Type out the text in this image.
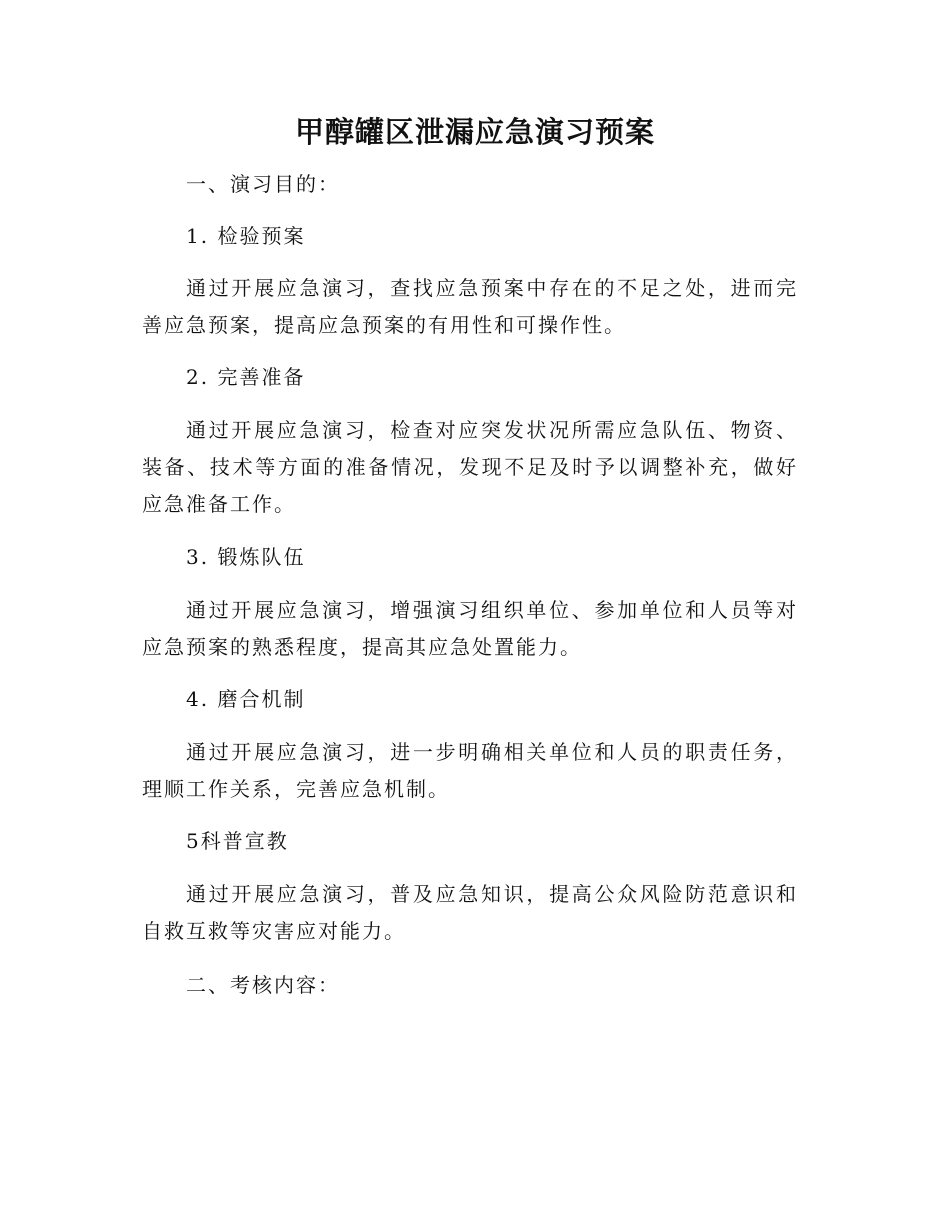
甲醇罐区泄漏应急演习预案
一、演习目的：
1. 检验预案
通过开展应急演习，查找应急预案中存在的不足之处，进而完善应急预案，提高应急预案的有用性和可操作性。
2. 完善准备
通过开展应急演习，检查对应突发状况所需应急队伍、物资、装备、技术等方面的准备情况，发现不足及时予以调整补充，做好应急准备工作。
3. 锻炼队伍
通过开展应急演习，增强演习组织单位、参加单位和人员等对应急预案的熟悉程度，提高其应急处置能力。
4. 磨合机制
通过开展应急演习，进一步明确相关单位和人员的职责任务，理顺工作关系，完善应急机制。
5科普宣教
通过开展应急演习，普及应急知识，提高公众风险防范意识和自救互救等灾害应对能力。
二、考核内容：
